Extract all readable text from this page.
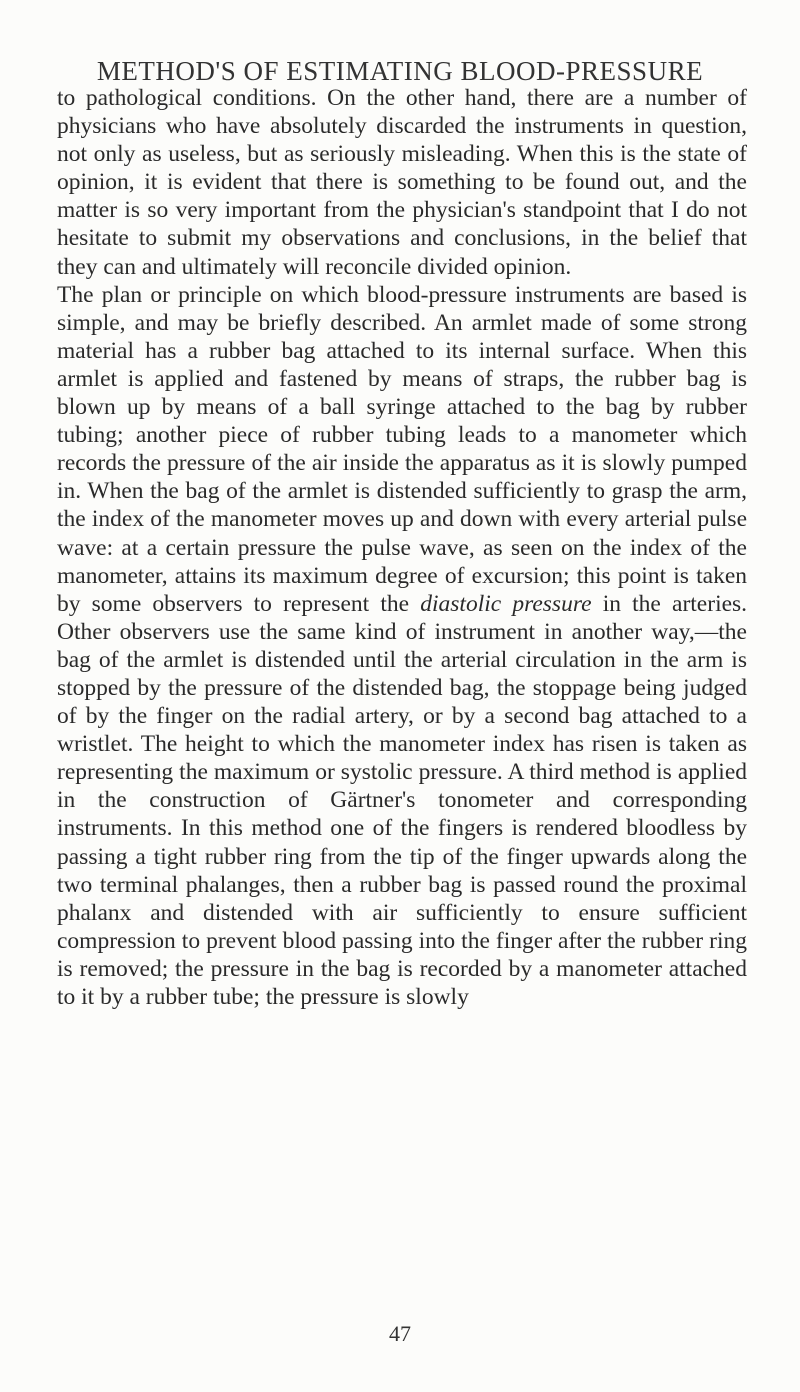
METHOD'S OF ESTIMATING BLOOD-PRESSURE

to pathological conditions. On the other hand, there are a number of physicians who have absolutely discarded the instruments in question, not only as useless, but as seriously misleading. When this is the state of opinion, it is evident that there is something to be found out, and the matter is so very important from the physician's standpoint that I do not hesitate to submit my observations and conclusions, in the belief that they can and ultimately will reconcile divided opinion.

The plan or principle on which blood-pressure instruments are based is simple, and may be briefly described. An armlet made of some strong material has a rubber bag attached to its internal surface. When this armlet is applied and fastened by means of straps, the rubber bag is blown up by means of a ball syringe attached to the bag by rubber tubing; another piece of rubber tubing leads to a manometer which records the pressure of the air inside the apparatus as it is slowly pumped in. When the bag of the armlet is distended sufficiently to grasp the arm, the index of the manometer moves up and down with every arterial pulse wave: at a certain pressure the pulse wave, as seen on the index of the manometer, attains its maximum degree of excursion; this point is taken by some observers to represent the diastolic pressure in the arteries. Other observers use the same kind of instrument in another way,—the bag of the armlet is distended until the arterial circulation in the arm is stopped by the pressure of the distended bag, the stoppage being judged of by the finger on the radial artery, or by a second bag attached to a wristlet. The height to which the manometer index has risen is taken as representing the maximum or systolic pressure. A third method is applied in the construction of Gärtner's tonometer and corresponding instruments. In this method one of the fingers is rendered bloodless by passing a tight rubber ring from the tip of the finger upwards along the two terminal phalanges, then a rubber bag is passed round the proximal phalanx and distended with air sufficiently to ensure sufficient compression to prevent blood passing into the finger after the rubber ring is removed; the pressure in the bag is recorded by a manometer attached to it by a rubber tube; the pressure is slowly

47
